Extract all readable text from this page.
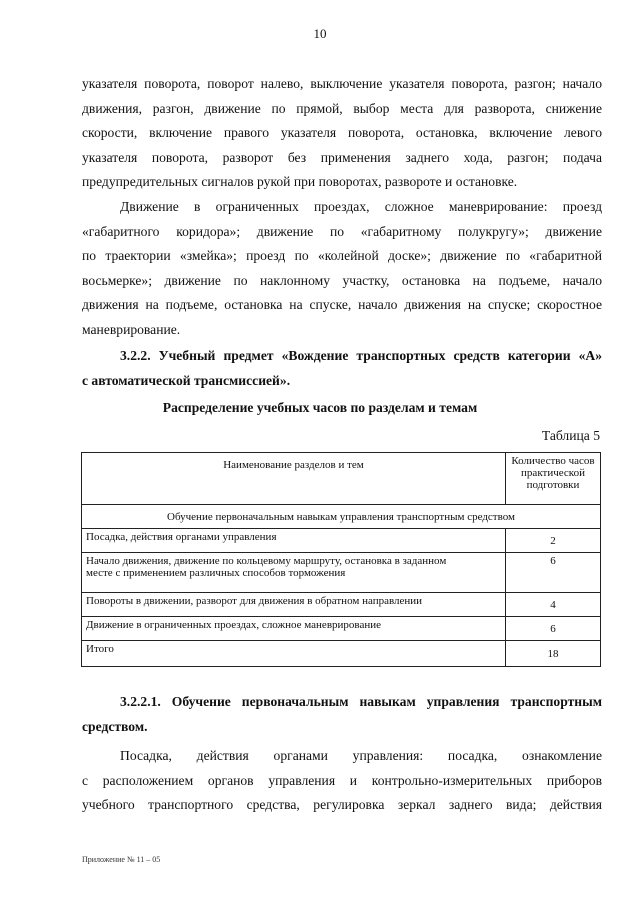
10
указателя поворота, поворот налево, выключение указателя поворота, разгон; начало
движения, разгон, движение по прямой, выбор места для разворота, снижение
скорости, включение правого указателя поворота, остановка, включение левого
указателя поворота, разворот без применения заднего хода, разгон; подача
предупредительных сигналов рукой при поворотах, развороте и остановке.
Движение в ограниченных проездах, сложное маневрирование: проезд
«габаритного коридора»; движение по «габаритному полукругу»; движение
по траектории «змейка»; проезд по «колейной доске»; движение по «габаритной
восьмерке»; движение по наклонному участку, остановка на подъеме, начало
движения на подъеме, остановка на спуске, начало движения на спуске; скоростное
маневрирование.
3.2.2. Учебный предмет «Вождение транспортных средств категории «А»
с автоматической трансмиссией».
Распределение учебных часов по разделам и темам
Таблица 5
Наименование разделов и тем	Количество часов
практической
подготовки

Обучение первоначальным навыкам управления транспортным средством	
Посадка, действия органами управления	2

Начало движения, движение по кольцевому маршруту, остановка в заданном
месте с применением различных способов торможения	6
Повороты в движении, разворот для движения в обратном направлении	4
Движение в ограниченных проездах, сложное маневрирование	6
Итого	18
3.2.2.1. Обучение первоначальным навыкам управления транспортным
средством.
Посадка, действия органами управления: посадка, ознакомление
с расположением органов управления и контрольно-измерительных приборов
учебного транспортного средства, регулировка зеркал заднего вида; действия
Приложение № 11 – 05
